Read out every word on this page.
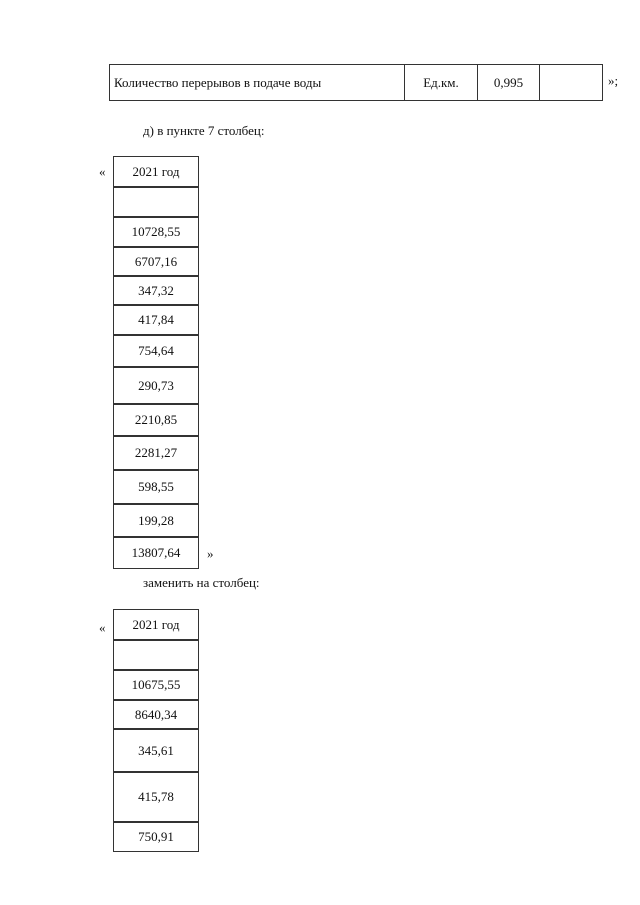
Количество перерывов в подаче воды	Ед.км.	0,995	»;
д) в пункте 7 столбец:
« 2021 год
10728,55
6707,16
347,32
417,84
754,64
290,73
2210,85
2281,27
598,55
199,28
13807,64 »
заменить на столбец:
« 2021 год
10675,55
8640,34
345,61
415,78
750,91
